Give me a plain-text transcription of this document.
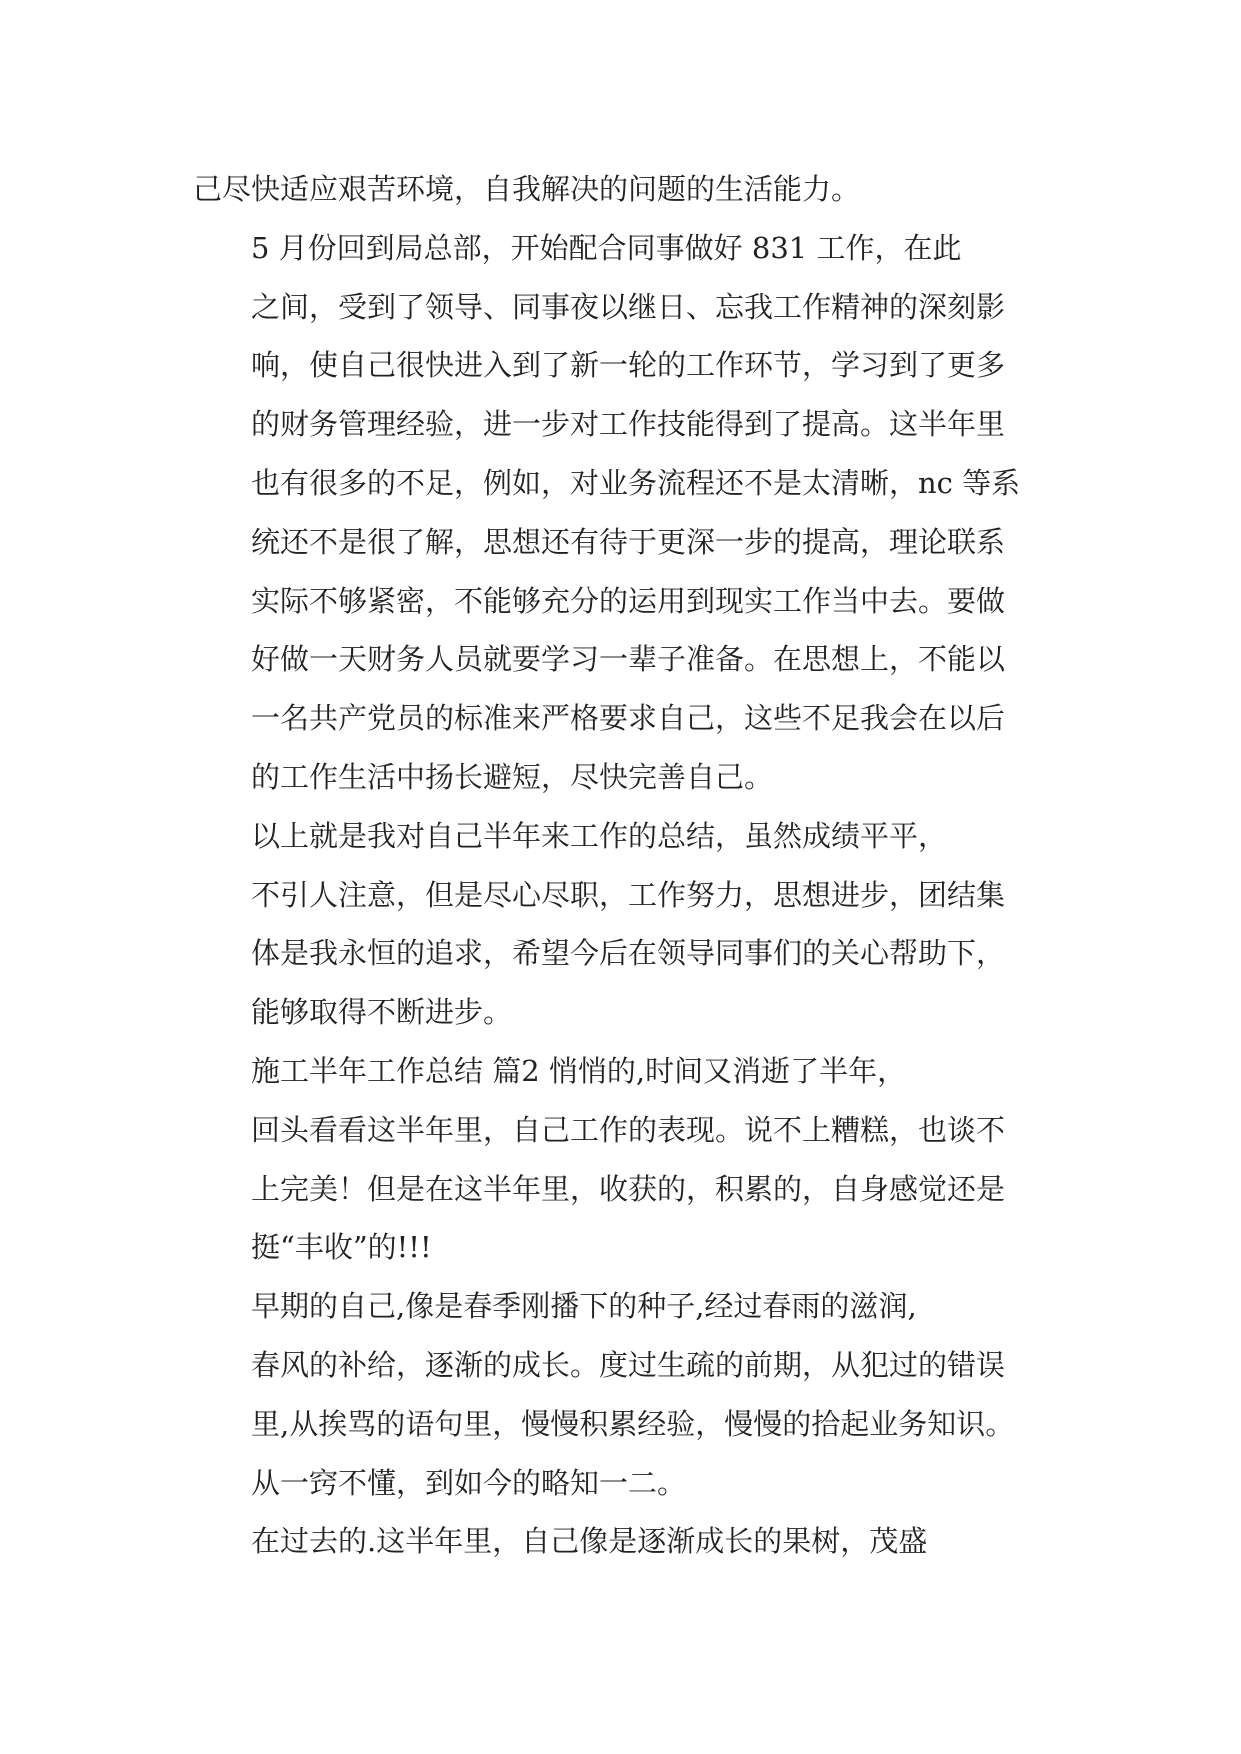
己尽快适应艰苦环境，自我解决的问题的生活能力。

5 月份回到局总部，开始配合同事做好 831 工作，在此
之间，受到了领导、同事夜以继日、忘我工作精神的深刻影
响，使自己很快进入到了新一轮的工作环节，学习到了更多
的财务管理经验，进一步对工作技能得到了提高。这半年里
也有很多的不足，例如，对业务流程还不是太清晰，nc 等系
统还不是很了解，思想还有待于更深一步的提高，理论联系
实际不够紧密，不能够充分的运用到现实工作当中去。要做
好做一天财务人员就要学习一辈子准备。在思想上，不能以
一名共产党员的标准来严格要求自己，这些不足我会在以后
的工作生活中扬长避短，尽快完善自己。

以上就是我对自己半年来工作的总结，虽然成绩平平，
不引人注意，但是尽心尽职，工作努力，思想进步，团结集
体是我永恒的追求，希望今后在领导同事们的关心帮助下，
能够取得不断进步。

施工半年工作总结 篇2 悄悄的,时间又消逝了半年，
回头看看这半年里，自己工作的表现。说不上糟糕，也谈不
上完美！但是在这半年里，收获的，积累的，自身感觉还是
挺“丰收”的!!!

早期的自己,像是春季刚播下的种子,经过春雨的滋润,
春风的补给，逐渐的成长。度过生疏的前期，从犯过的错误
里,从挨骂的语句里，慢慢积累经验，慢慢的拾起业务知识。
从一窍不懂，到如今的略知一二。

在过去的.这半年里，自己像是逐渐成长的果树，茂盛
